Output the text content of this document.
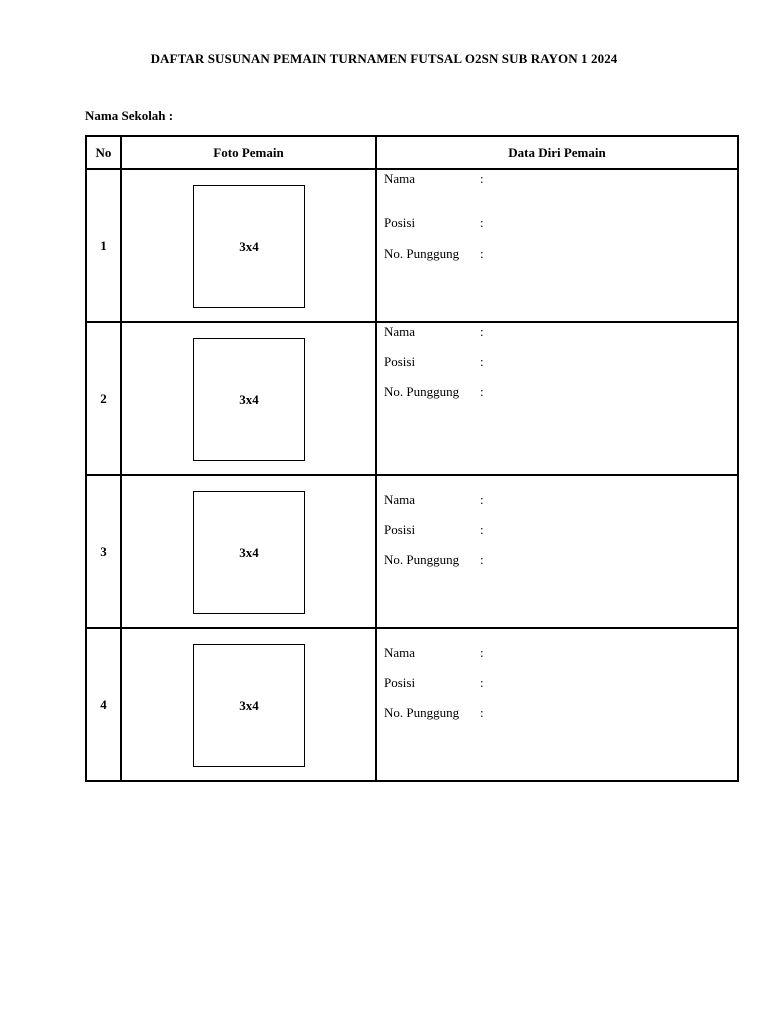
DAFTAR SUSUNAN PEMAIN TURNAMEN FUTSAL O2SN SUB RAYON 1 2024
Nama Sekolah :
No	Foto Pemain	Data Diri Pemain
1	3x4	Nama :
Posisi :
No. Punggung :

2	3x4	Nama :
Posisi :
No. Punggung :

3	3x4	Nama :
Posisi :
No. Punggung :

4	3x4	Nama :
Posisi :
No. Punggung :
